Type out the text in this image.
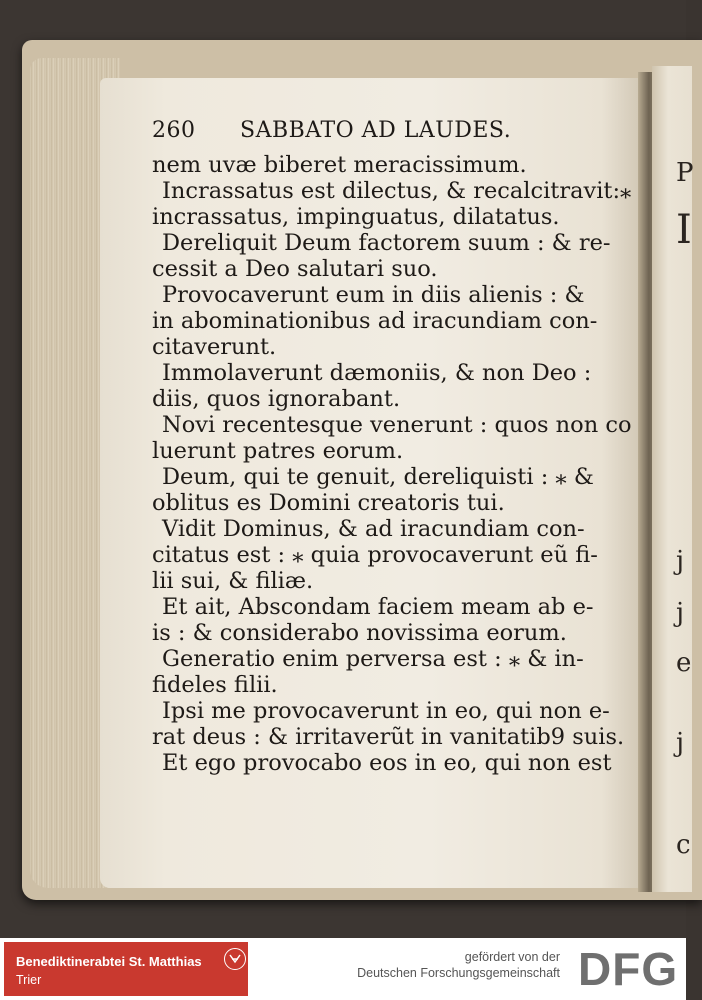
P
I
j
j
e
j
c
260	SABBATO AD LAUDES.
nem uvæ biberet meracissimum.
Incrassatus est dilectus, & recalcitravit:⁎
incrassatus, impinguatus, dilatatus.
Dereliquit Deum factorem suum : & re-
cessit a Deo salutari suo.
Provocaverunt eum in diis alienis : &
in abominationibus ad iracundiam con-
citaverunt.
Immolaverunt dæmoniis, & non Deo :
diis, quos ignorabant.
Novi recentesque venerunt : quos non co
luerunt patres eorum.
Deum, qui te genuit, dereliquisti : ⁎ &
oblitus es Domini creatoris tui.
Vidit Dominus, & ad iracundiam con-
citatus est : ⁎ quia provocaverunt eũ fi-
lii sui, & filiæ.
Et ait, Abscondam faciem meam ab e-
is : & considerabo novissima eorum.
Generatio enim perversa est : ⁎ & in-
fideles filii.
Ipsi me provocaverunt in eo, qui non e-
rat deus : & irritaverũt in vanitatib9 suis.
Et ego provocabo eos in eo, qui non est
Benediktinerabtei St. Matthias
Trier
gefördert von der
Deutschen Forschungsgemeinschaft DFG
